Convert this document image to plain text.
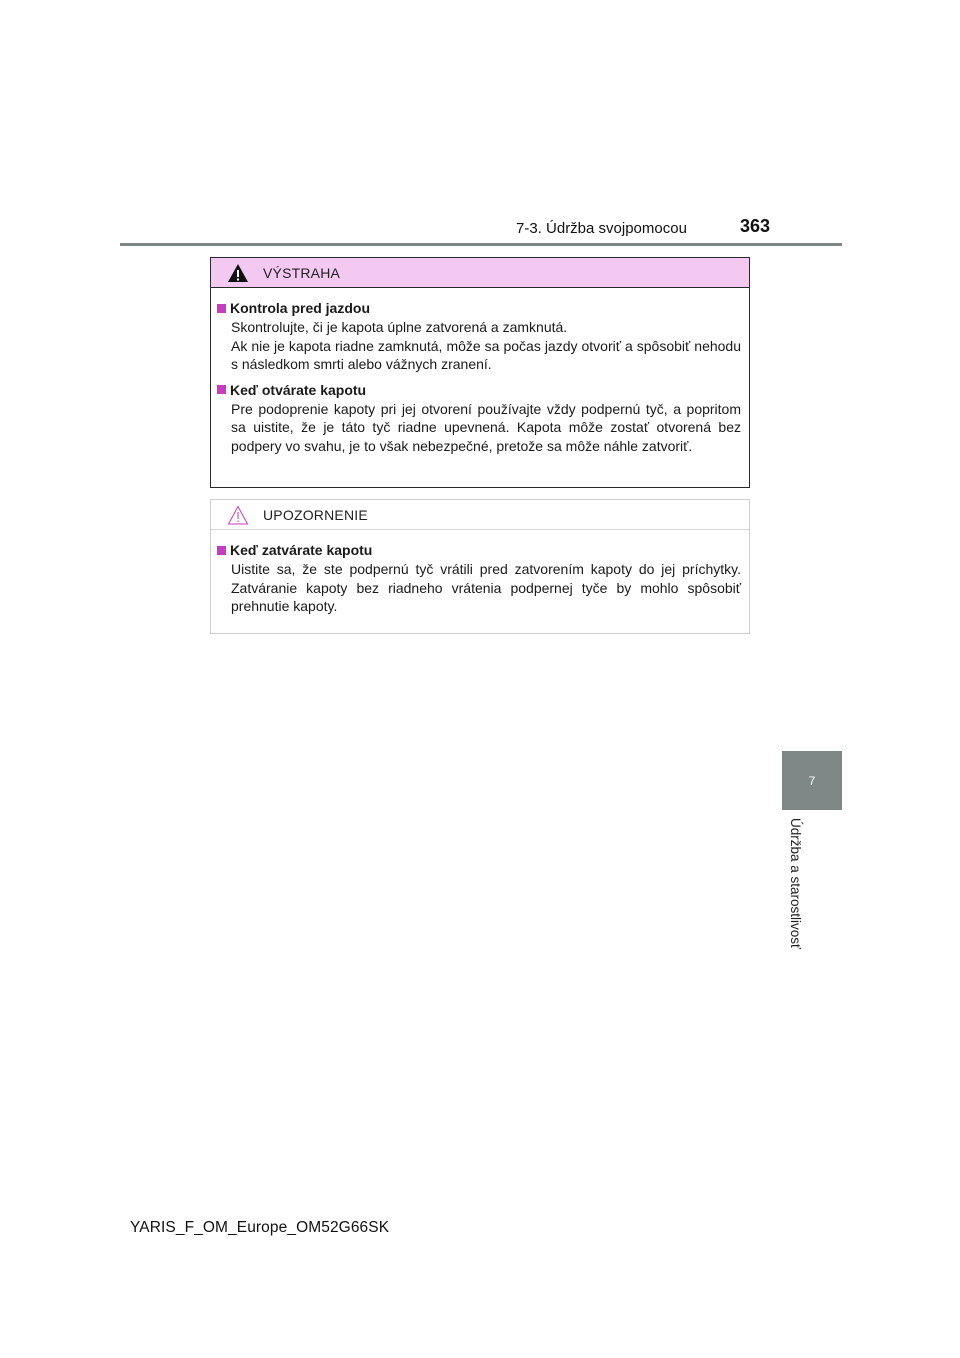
7-3. Údržba svojpomocou	363
VÝSTRAHA
Kontrola pred jazdou

Skontrolujte, či je kapota úplne zatvorená a zamknutá.

Ak nie je kapota riadne zamknutá, môže sa počas jazdy otvoriť a spôsobiť nehodu s následkom smrti alebo vážnych zranení.

Keď otvárate kapotu

Pre podoprenie kapoty pri jej otvorení používajte vždy podpernú tyč, a popritom sa uistite, že je táto tyč riadne upevnená. Kapota môže zostať otvorená bez podpery vo svahu, je to však nebezpečné, pretože sa môže náhle zatvoriť.

UPOZORNENIE
Keď zatvárate kapotu

Uistite sa, že ste podpernú tyč vrátili pred zatvorením kapoty do jej príchytky. Zatváranie kapoty bez riadneho vrátenia podpernej tyče by mohlo spôsobiť prehnutie kapoty.

7
Údržba a starostlivosť
YARIS_F_OM_Europe_OM52G66SK
